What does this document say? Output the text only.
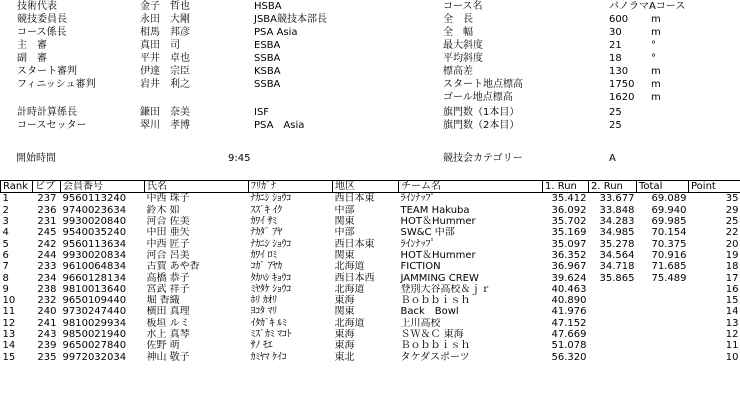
技術代表	金子　哲也	HSBA
競技委員長	永田　大剛	JSBA競技本部長
コース係長	相馬　邦彦	PSA Asia
主　審	真田　司	ESBA
副　審	平井　卓也	SSBA
スタート審判	伊達　宗臣	KSBA
フィニッシュ審判	岩井　利之	SSBA
計時計算係長	鎌田　奈美	ISF
コースセッター	翠川　孝博	PSA　Asia
コース名	パノラマAコース
全　長	600 m
全　幅	30	m
最大斜度	21	°
平均斜度	18	°
標高差	130 m
スタート地点標高	1750 m
ゴール地点標高	1620 m
旗門数（1本目）	25
旗門数（2本目）	25
開始時間	9:45	競技会カテゴリー	A
Rank	ビブ	会員番号	氏名	ﾌﾘｶﾞﾅ	地区	チーム名	1. Run	2. Run	Total	Point
1	237	9560113240	中西 珠子	ﾅｶﾆｼ ｼｮｳｺ	西日本東	ﾗｲﾝﾅｯﾌﾟ	35.412	33.677	69.089	35
2	236	9740023634	鈴木 如	ｽｽﾞｷ ｲｸ	中部	TEAM Hakuba	36.092	33.848	69.940	29
3	231	9930020840	河合 佐美	ｶﾜｲ ｻﾐ	関東	HOT＆Hummer	35.702	34.283	69.985	25
4	245	9540035240	中田 亜矢	ﾅｶﾀﾞ ｱﾔ	中部	SW&C 中部	35.169	34.985	70.154	22
5	242	9560113634	中西 匠子	ﾅｶﾆｼ ｼｮｳｺ	西日本東	ﾗｲﾝﾅｯﾌﾟ	35.097	35.278	70.375	20
6	244	9930020834	河合 呂美	ｶﾜｲ ﾛﾐ	関東	HOT＆Hummer	36.352	34.564	70.916	19
7	233	9610064834	古賀 あや香	ｺｶﾞ ｱﾔｶ	北海道	FICTION	36.967	34.718	71.685	18
8	234	9660128134	高橋 恭子	ﾀｶﾊｼ ｷｮｳｺ	西日本西	JAMMING CREW	39.624	35.865	75.489	17
9	238	9810013640	宮武 祥子	ﾐﾔﾀｹ ｼｮｳｺ	北海道	登別大谷高校＆ｊｒ	40.463			16
10	232	9650109440	堀 香織	ﾎﾘ ｶｵﾘ	東海	Ｂｏｂｂｉｓｈ	40.890			15
11	240	9730247440	横田 真理	ﾖｺﾀ ﾏﾘ	関東	Back　Bowl	41.976			14
12	241	9810029934	板垣 ルミ	ｲﾀｶﾞｷ ﾙﾐ	北海道	上川高校	47.152			13
13	243	9850021940	水上 真琴	ﾐｽﾞｶﾐ ﾏｺﾄ	東海	ＳＷ＆Ｃ 東海	47.669			12
14	239	9650027840	佐野 萌	ｻﾉ ﾓｴ	東海	Ｂｏｂｂｉｓｈ	51.078			11
15	235	9972032034	神山 敬子	ｶﾐﾔﾏ ｹｲｺ	東北	タケダスポーツ	56.320			10
